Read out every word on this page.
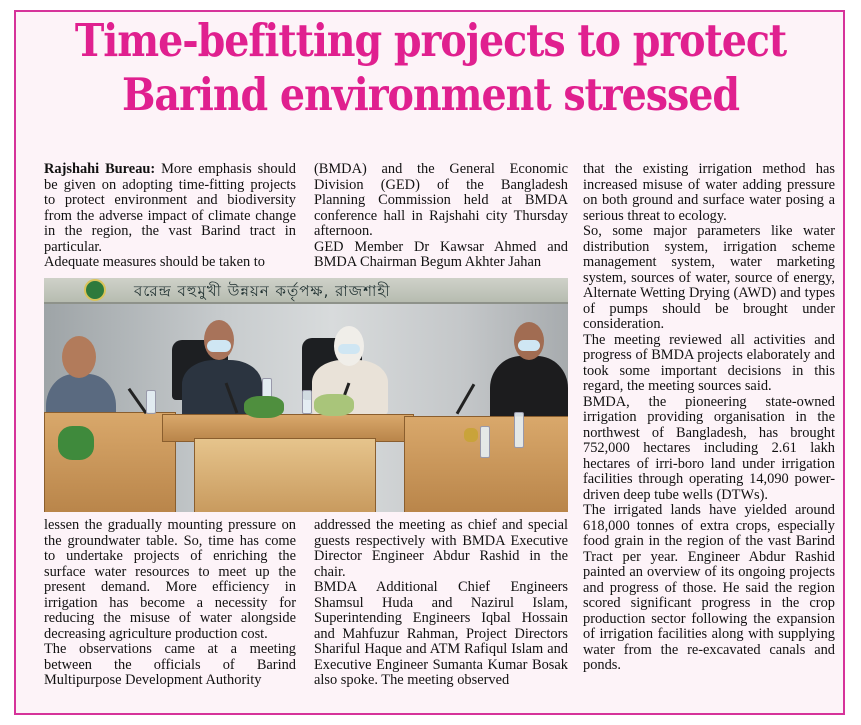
Time-befitting projects to protect
Barind environment stressed

Rajshahi Bureau: More emphasis should be given on adopting time-fitting projects to protect environment and biodiversity from the adverse impact of climate change in the region, the vast Barind tract in particular.

Adequate measures should be taken to

(BMDA) and the General Economic Division (GED) of the Bangladesh Planning Commission held at BMDA conference hall in Rajshahi city Thursday afternoon.

GED Member Dr Kawsar Ahmed and BMDA Chairman Begum Akhter Jahan

বরেন্দ্র বহুমুখী উন্নয়ন কর্তৃপক্ষ, রাজশাহী

that the existing irrigation method has increased misuse of water adding pressure on both ground and surface water posing a serious threat to ecology.

So, some major parameters like water distribution system, irrigation scheme management system, water marketing system, sources of water, source of energy, Alternate Wetting Drying (AWD) and types of pumps should be brought under consideration.

The meeting reviewed all activities and progress of BMDA projects elaborately and took some important decisions in this regard, the meeting sources said.

BMDA, the pioneering state-owned irrigation providing organisation in the northwest of Bangladesh, has brought 752,000 hectares including 2.61 lakh hectares of irri-boro land under irrigation facilities through operating 14,090 power-driven deep tube wells (DTWs).

The irrigated lands have yielded around 618,000 tonnes of extra crops, especially food grain in the region of the vast Barind Tract per year. Engineer Abdur Rashid painted an overview of its ongoing projects and progress of those. He said the region scored significant progress in the crop production sector following the expansion of irrigation facilities along with supplying water from the re-excavated canals and ponds.

lessen the gradually mounting pressure on the groundwater table. So, time has come to undertake projects of enriching the surface water resources to meet up the present demand. More efficiency in irrigation has become a necessity for reducing the misuse of water alongside decreasing agriculture production cost.

The observations came at a meeting between the officials of Barind Multipurpose Development Authority

addressed the meeting as chief and special guests respectively with BMDA Executive Director Engineer Abdur Rashid in the chair.

BMDA Additional Chief Engineers Shamsul Huda and Nazirul Islam, Superintending Engineers Iqbal Hossain and Mahfuzur Rahman, Project Directors Shariful Haque and ATM Rafiqul Islam and Executive Engineer Sumanta Kumar Bosak also spoke. The meeting observed
